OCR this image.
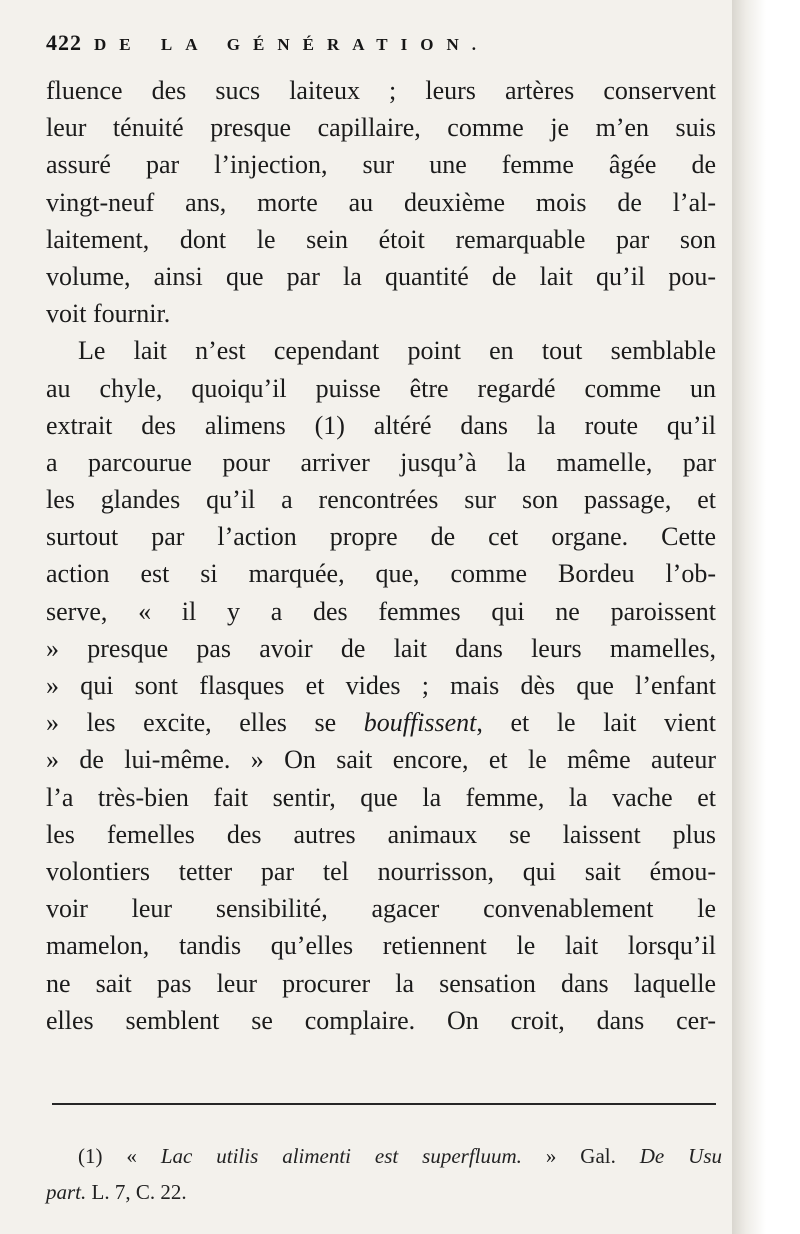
422 DE LA GÉNÉRATION.
fluence des sucs laiteux ; leurs artères conservent
leur ténuité presque capillaire, comme je m’en suis
assuré par l’injection, sur une femme âgée de
vingt-neuf ans, morte au deuxième mois de l’al-
laitement, dont le sein étoit remarquable par son
volume, ainsi que par la quantité de lait qu’il pou-
voit fournir.
Le lait n’est cependant point en tout semblable
au chyle, quoiqu’il puisse être regardé comme un
extrait des alimens (1) altéré dans la route qu’il
a parcourue pour arriver jusqu’à la mamelle, par
les glandes qu’il a rencontrées sur son passage, et
surtout par l’action propre de cet organe. Cette
action est si marquée, que, comme Bordeu l’ob-
serve, « il y a des femmes qui ne paroissent
» presque pas avoir de lait dans leurs mamelles,
» qui sont flasques et vides ; mais dès que l’enfant
» les excite, elles se bouffissent, et le lait vient
» de lui-même. » On sait encore, et le même auteur
l’a très-bien fait sentir, que la femme, la vache et
les femelles des autres animaux se laissent plus
volontiers tetter par tel nourrisson, qui sait émou-
voir leur sensibilité, agacer convenablement le
mamelon, tandis qu’elles retiennent le lait lorsqu’il
ne sait pas leur procurer la sensation dans laquelle
elles semblent se complaire. On croit, dans cer-
(1) « Lac utilis alimenti est superfluum. » Gal. De Usu
part. L. 7, C. 22.
